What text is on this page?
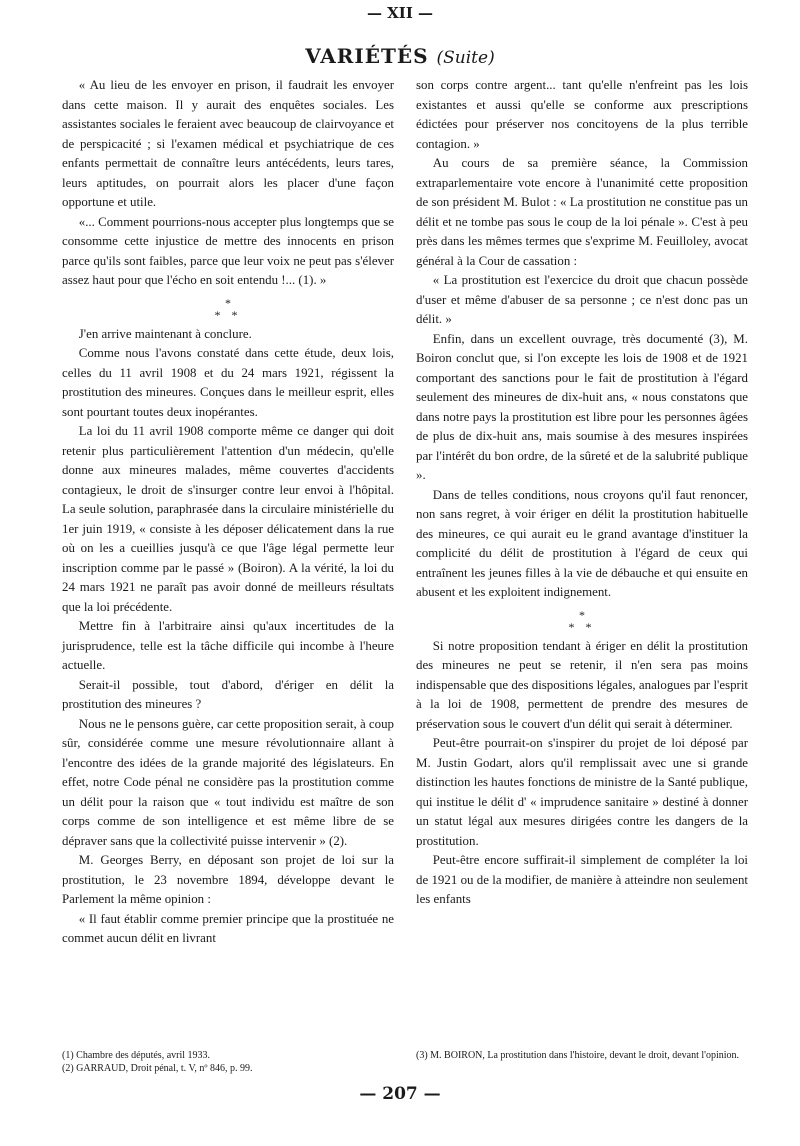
— XII —
VARIÉTÉS (Suite)

« Au lieu de les envoyer en prison, il faudrait les envoyer dans cette maison. Il y aurait des enquêtes sociales. Les assistantes sociales le feraient avec beaucoup de clairvoyance et de perspicacité ; si l'examen médical et psychiatrique de ces enfants permettait de connaître leurs antécédents, leurs tares, leurs aptitudes, on pourrait alors les placer d'une façon opportune et utile.

«... Comment pourrions-nous accepter plus longtemps que se consomme cette injustice de mettre des innocents en prison parce qu'ils sont faibles, parce que leur voix ne peut pas s'élever assez haut pour que l'écho en soit entendu !... (1). »

*
* *

J'en arrive maintenant à conclure.

Comme nous l'avons constaté dans cette étude, deux lois, celles du 11 avril 1908 et du 24 mars 1921, régissent la prostitution des mineures. Conçues dans le meilleur esprit, elles sont pourtant toutes deux inopérantes.

La loi du 11 avril 1908 comporte même ce danger qui doit retenir plus particulièrement l'attention d'un médecin, qu'elle donne aux mineures malades, même couvertes d'accidents contagieux, le droit de s'insurger contre leur envoi à l'hôpital. La seule solution, paraphrasée dans la circulaire ministérielle du 1er juin 1919, « consiste à les déposer délicatement dans la rue où on les a cueillies jusqu'à ce que l'âge légal permette leur inscription comme par le passé » (Boiron). A la vérité, la loi du 24 mars 1921 ne paraît pas avoir donné de meilleurs résultats que la loi précédente.

Mettre fin à l'arbitraire ainsi qu'aux incertitudes de la jurisprudence, telle est la tâche difficile qui incombe à l'heure actuelle.

Serait-il possible, tout d'abord, d'ériger en délit la prostitution des mineures ?

Nous ne le pensons guère, car cette proposition serait, à coup sûr, considérée comme une mesure révolutionnaire allant à l'encontre des idées de la grande majorité des législateurs. En effet, notre Code pénal ne considère pas la prostitution comme un délit pour la raison que « tout individu est maître de son corps comme de son intelligence et est même libre de se dépraver sans que la collectivité puisse intervenir » (2).

M. Georges Berry, en déposant son projet de loi sur la prostitution, le 23 novembre 1894, développe devant le Parlement la même opinion :

« Il faut établir comme premier principe que la prostituée ne commet aucun délit en livrant

son corps contre argent... tant qu'elle n'enfreint pas les lois existantes et aussi qu'elle se conforme aux prescriptions édictées pour préserver nos concitoyens de la plus terrible contagion. »

Au cours de sa première séance, la Commission extraparlementaire vote encore à l'unanimité cette proposition de son président M. Bulot : « La prostitution ne constitue pas un délit et ne tombe pas sous le coup de la loi pénale ». C'est à peu près dans les mêmes termes que s'exprime M. Feuilloley, avocat général à la Cour de cassation :

« La prostitution est l'exercice du droit que chacun possède d'user et même d'abuser de sa personne ; ce n'est donc pas un délit. »

Enfin, dans un excellent ouvrage, très documenté (3), M. Boiron conclut que, si l'on excepte les lois de 1908 et de 1921 comportant des sanctions pour le fait de prostitution à l'égard seulement des mineures de dix-huit ans, « nous constatons que dans notre pays la prostitution est libre pour les personnes âgées de plus de dix-huit ans, mais soumise à des mesures inspirées par l'intérêt du bon ordre, de la sûreté et de la salubrité publique ».

Dans de telles conditions, nous croyons qu'il faut renoncer, non sans regret, à voir ériger en délit la prostitution habituelle des mineures, ce qui aurait eu le grand avantage d'instituer la complicité du délit de prostitution à l'égard de ceux qui entraînent les jeunes filles à la vie de débauche et qui ensuite en abusent et les exploitent indignement.

*
* *

Si notre proposition tendant à ériger en délit la prostitution des mineures ne peut se retenir, il n'en sera pas moins indispensable que des dispositions légales, analogues par l'esprit à la loi de 1908, permettent de prendre des mesures de préservation sous le couvert d'un délit qui serait à déterminer.

Peut-être pourrait-on s'inspirer du projet de loi déposé par M. Justin Godart, alors qu'il remplissait avec une si grande distinction les hautes fonctions de ministre de la Santé publique, qui institue le délit d' « imprudence sanitaire » destiné à donner un statut légal aux mesures dirigées contre les dangers de la prostitution.

Peut-être encore suffirait-il simplement de compléter la loi de 1921 ou de la modifier, de manière à atteindre non seulement les enfants

(1) Chambre des députés, avril 1933.
(2) GARRAUD, Droit pénal, t. V, nº 846, p. 99.
(3) M. BOIRON, La prostitution dans l'histoire, devant le droit, devant l'opinion.
— 207 —
